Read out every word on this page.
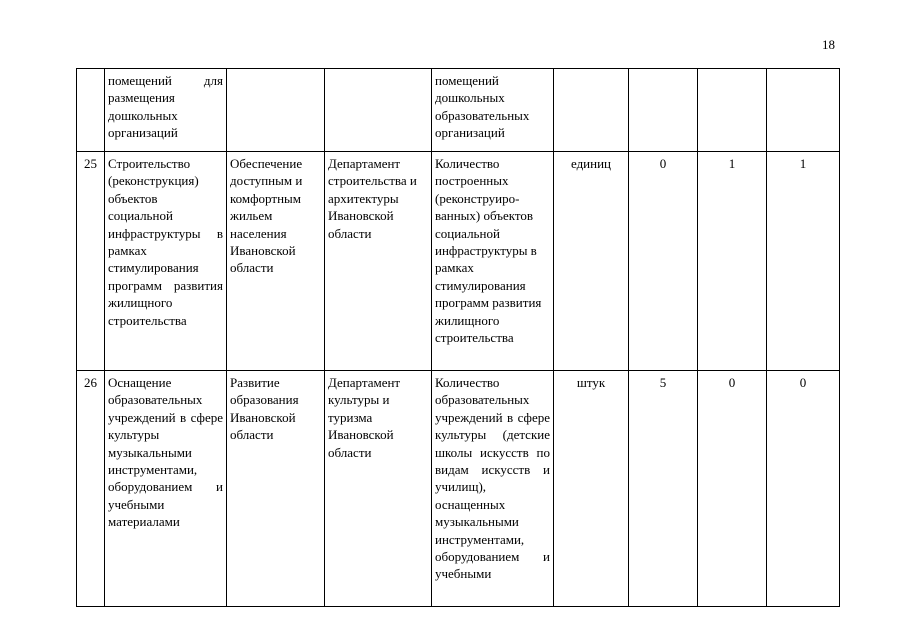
18
	помещений для размещения дошкольных организаций			помещений дошкольных образовательных организаций				
25	Строительство (реконструкция) объектов социальной инфраструктуры в рамках стимулирования программ развития жилищного строительства	Обеспечение доступным и комфортным жильем населения Ивановской области	Департамент строительства и архитектуры Ивановской области	Количество построенных (реконструиро-ванных) объектов социальной инфраструктуры в рамках стимулирования программ развития жилищного строительства	единиц	0	1	1
26	Оснащение образовательных учреждений в сфере культуры музыкальными инструментами, оборудованием и учебными материалами	Развитие образования Ивановской области	Департамент культуры и туризма Ивановской области	Количество образовательных учреждений в сфере культуры (детские школы искусств по видам искусств и училищ), оснащенных музыкальными инструментами, оборудованием и учебными	штук	5	0	0
